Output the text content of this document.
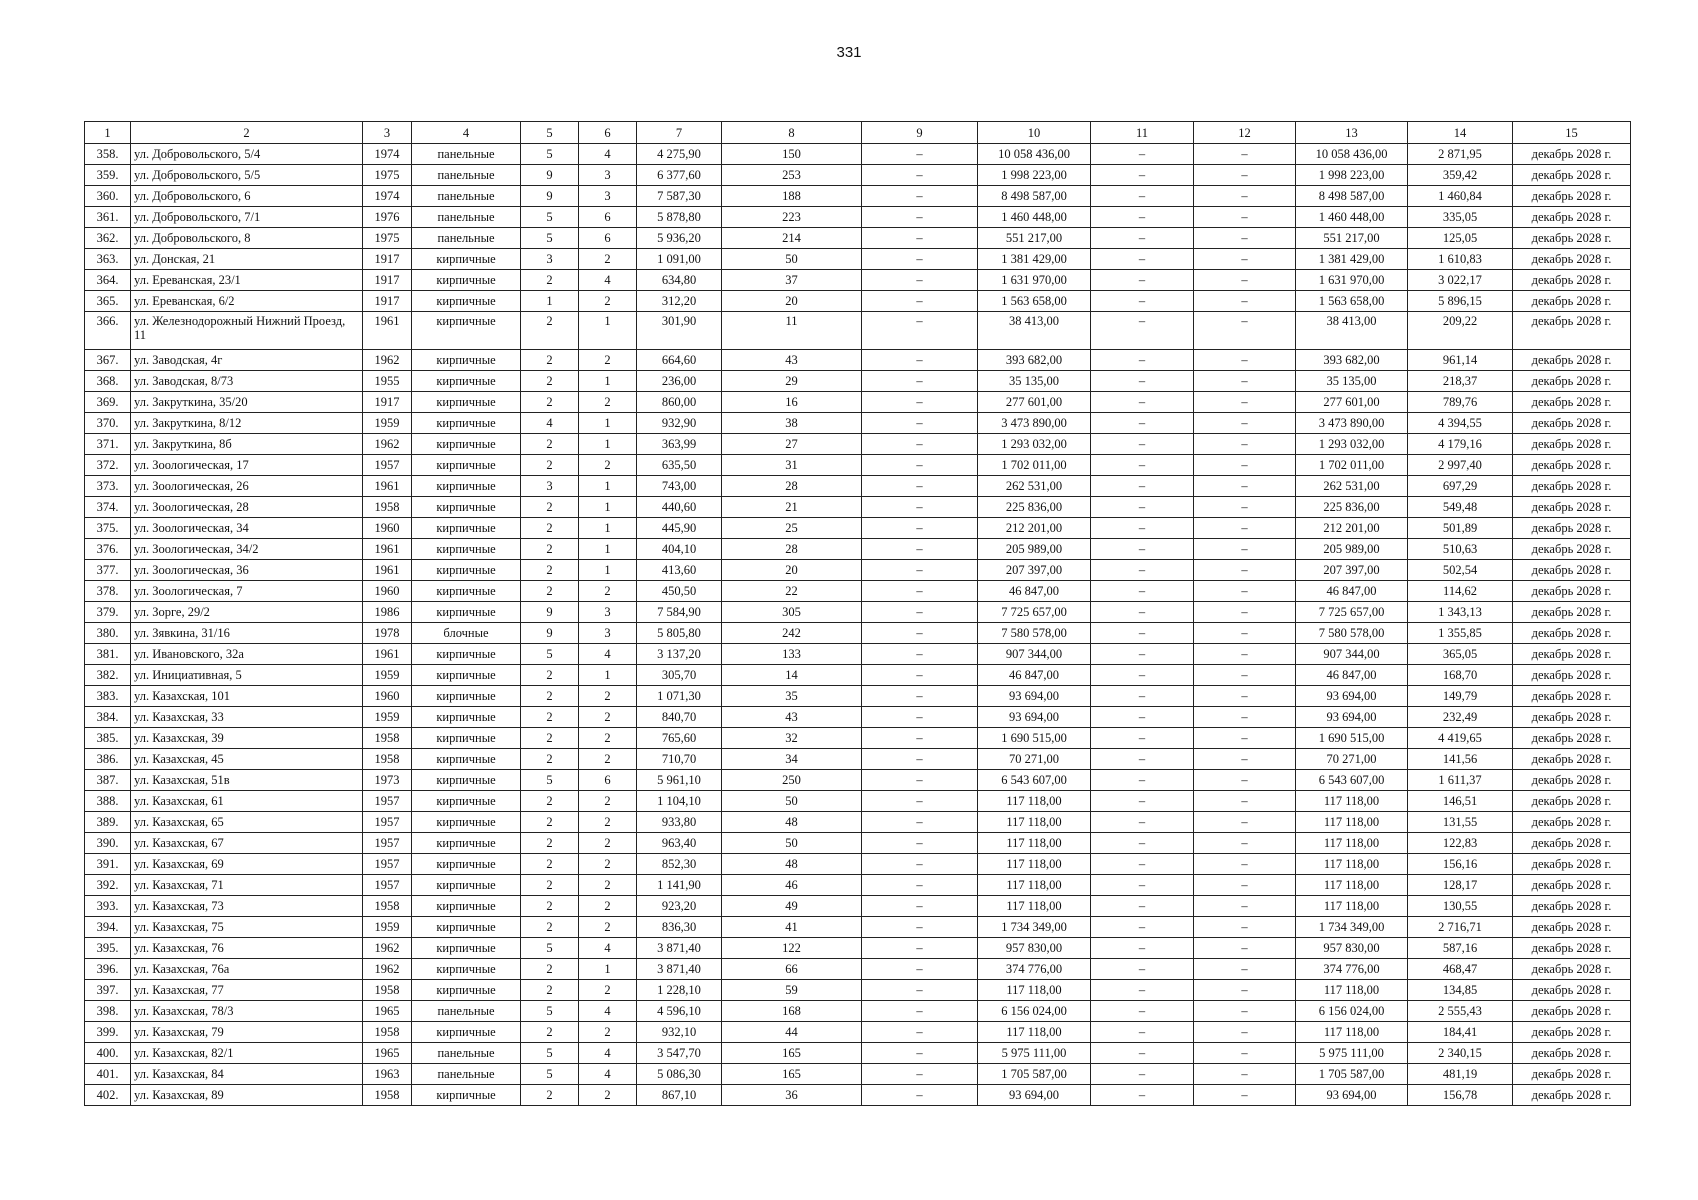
331
1	2	3	4	5	6	7	8	9	10	11	12	13	14	15
358.	ул. Добровольского, 5/4	1974	панельные	5	4	4 275,90	150	–	10 058 436,00	–	–	10 058 436,00	2 871,95	декабрь 2028 г.
359.	ул. Добровольского, 5/5	1975	панельные	9	3	6 377,60	253	–	1 998 223,00	–	–	1 998 223,00	359,42	декабрь 2028 г.
360.	ул. Добровольского, 6	1974	панельные	9	3	7 587,30	188	–	8 498 587,00	–	–	8 498 587,00	1 460,84	декабрь 2028 г.
361.	ул. Добровольского, 7/1	1976	панельные	5	6	5 878,80	223	–	1 460 448,00	–	–	1 460 448,00	335,05	декабрь 2028 г.
362.	ул. Добровольского, 8	1975	панельные	5	6	5 936,20	214	–	551 217,00	–	–	551 217,00	125,05	декабрь 2028 г.
363.	ул. Донская, 21	1917	кирпичные	3	2	1 091,00	50	–	1 381 429,00	–	–	1 381 429,00	1 610,83	декабрь 2028 г.
364.	ул. Ереванская, 23/1	1917	кирпичные	2	4	634,80	37	–	1 631 970,00	–	–	1 631 970,00	3 022,17	декабрь 2028 г.
365.	ул. Ереванская, 6/2	1917	кирпичные	1	2	312,20	20	–	1 563 658,00	–	–	1 563 658,00	5 896,15	декабрь 2028 г.
366.	ул. Железнодорожный Нижний Проезд, 11	1961	кирпичные	2	1	301,90	11	–	38 413,00	–	–	38 413,00	209,22	декабрь 2028 г.
367.	ул. Заводская, 4г	1962	кирпичные	2	2	664,60	43	–	393 682,00	–	–	393 682,00	961,14	декабрь 2028 г.
368.	ул. Заводская, 8/73	1955	кирпичные	2	1	236,00	29	–	35 135,00	–	–	35 135,00	218,37	декабрь 2028 г.
369.	ул. Закруткина, 35/20	1917	кирпичные	2	2	860,00	16	–	277 601,00	–	–	277 601,00	789,76	декабрь 2028 г.
370.	ул. Закруткина, 8/12	1959	кирпичные	4	1	932,90	38	–	3 473 890,00	–	–	3 473 890,00	4 394,55	декабрь 2028 г.
371.	ул. Закруткина, 8б	1962	кирпичные	2	1	363,99	27	–	1 293 032,00	–	–	1 293 032,00	4 179,16	декабрь 2028 г.
372.	ул. Зоологическая, 17	1957	кирпичные	2	2	635,50	31	–	1 702 011,00	–	–	1 702 011,00	2 997,40	декабрь 2028 г.
373.	ул. Зоологическая, 26	1961	кирпичные	3	1	743,00	28	–	262 531,00	–	–	262 531,00	697,29	декабрь 2028 г.
374.	ул. Зоологическая, 28	1958	кирпичные	2	1	440,60	21	–	225 836,00	–	–	225 836,00	549,48	декабрь 2028 г.
375.	ул. Зоологическая, 34	1960	кирпичные	2	1	445,90	25	–	212 201,00	–	–	212 201,00	501,89	декабрь 2028 г.
376.	ул. Зоологическая, 34/2	1961	кирпичные	2	1	404,10	28	–	205 989,00	–	–	205 989,00	510,63	декабрь 2028 г.
377.	ул. Зоологическая, 36	1961	кирпичные	2	1	413,60	20	–	207 397,00	–	–	207 397,00	502,54	декабрь 2028 г.
378.	ул. Зоологическая, 7	1960	кирпичные	2	2	450,50	22	–	46 847,00	–	–	46 847,00	114,62	декабрь 2028 г.
379.	ул. Зорге, 29/2	1986	кирпичные	9	3	7 584,90	305	–	7 725 657,00	–	–	7 725 657,00	1 343,13	декабрь 2028 г.
380.	ул. Зявкина, 31/16	1978	блочные	9	3	5 805,80	242	–	7 580 578,00	–	–	7 580 578,00	1 355,85	декабрь 2028 г.
381.	ул. Ивановского, 32а	1961	кирпичные	5	4	3 137,20	133	–	907 344,00	–	–	907 344,00	365,05	декабрь 2028 г.
382.	ул. Инициативная, 5	1959	кирпичные	2	1	305,70	14	–	46 847,00	–	–	46 847,00	168,70	декабрь 2028 г.
383.	ул. Казахская, 101	1960	кирпичные	2	2	1 071,30	35	–	93 694,00	–	–	93 694,00	149,79	декабрь 2028 г.
384.	ул. Казахская, 33	1959	кирпичные	2	2	840,70	43	–	93 694,00	–	–	93 694,00	232,49	декабрь 2028 г.
385.	ул. Казахская, 39	1958	кирпичные	2	2	765,60	32	–	1 690 515,00	–	–	1 690 515,00	4 419,65	декабрь 2028 г.
386.	ул. Казахская, 45	1958	кирпичные	2	2	710,70	34	–	70 271,00	–	–	70 271,00	141,56	декабрь 2028 г.
387.	ул. Казахская, 51в	1973	кирпичные	5	6	5 961,10	250	–	6 543 607,00	–	–	6 543 607,00	1 611,37	декабрь 2028 г.
388.	ул. Казахская, 61	1957	кирпичные	2	2	1 104,10	50	–	117 118,00	–	–	117 118,00	146,51	декабрь 2028 г.
389.	ул. Казахская, 65	1957	кирпичные	2	2	933,80	48	–	117 118,00	–	–	117 118,00	131,55	декабрь 2028 г.
390.	ул. Казахская, 67	1957	кирпичные	2	2	963,40	50	–	117 118,00	–	–	117 118,00	122,83	декабрь 2028 г.
391.	ул. Казахская, 69	1957	кирпичные	2	2	852,30	48	–	117 118,00	–	–	117 118,00	156,16	декабрь 2028 г.
392.	ул. Казахская, 71	1957	кирпичные	2	2	1 141,90	46	–	117 118,00	–	–	117 118,00	128,17	декабрь 2028 г.
393.	ул. Казахская, 73	1958	кирпичные	2	2	923,20	49	–	117 118,00	–	–	117 118,00	130,55	декабрь 2028 г.
394.	ул. Казахская, 75	1959	кирпичные	2	2	836,30	41	–	1 734 349,00	–	–	1 734 349,00	2 716,71	декабрь 2028 г.
395.	ул. Казахская, 76	1962	кирпичные	5	4	3 871,40	122	–	957 830,00	–	–	957 830,00	587,16	декабрь 2028 г.
396.	ул. Казахская, 76а	1962	кирпичные	2	1	3 871,40	66	–	374 776,00	–	–	374 776,00	468,47	декабрь 2028 г.
397.	ул. Казахская, 77	1958	кирпичные	2	2	1 228,10	59	–	117 118,00	–	–	117 118,00	134,85	декабрь 2028 г.
398.	ул. Казахская, 78/3	1965	панельные	5	4	4 596,10	168	–	6 156 024,00	–	–	6 156 024,00	2 555,43	декабрь 2028 г.
399.	ул. Казахская, 79	1958	кирпичные	2	2	932,10	44	–	117 118,00	–	–	117 118,00	184,41	декабрь 2028 г.
400.	ул. Казахская, 82/1	1965	панельные	5	4	3 547,70	165	–	5 975 111,00	–	–	5 975 111,00	2 340,15	декабрь 2028 г.
401.	ул. Казахская, 84	1963	панельные	5	4	5 086,30	165	–	1 705 587,00	–	–	1 705 587,00	481,19	декабрь 2028 г.
402.	ул. Казахская, 89	1958	кирпичные	2	2	867,10	36	–	93 694,00	–	–	93 694,00	156,78	декабрь 2028 г.
